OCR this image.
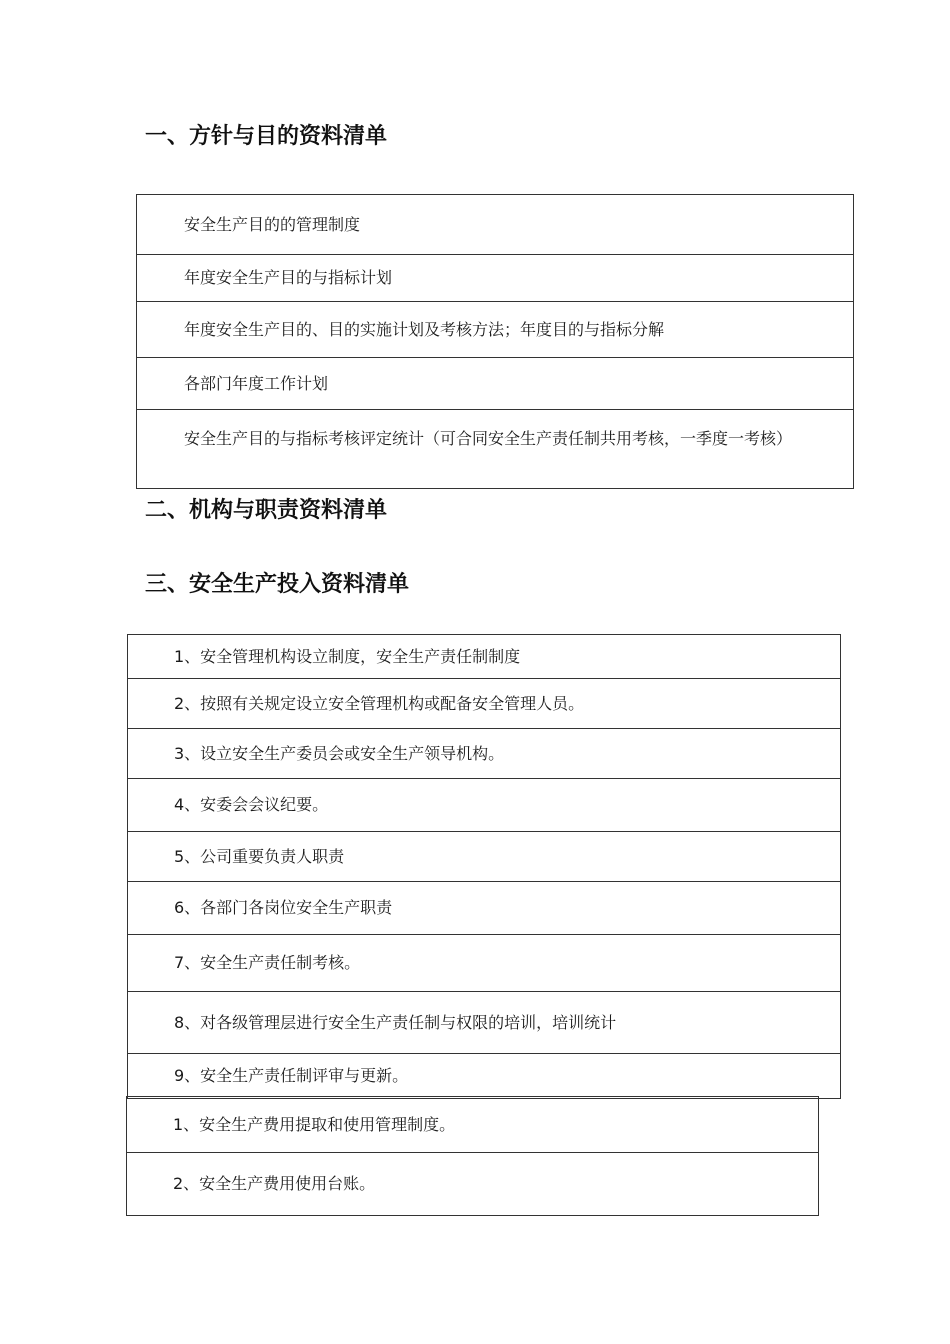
一、方针与目的资料清单
安全生产目的的管理制度
年度安全生产目的与指标计划
年度安全生产目的、目的实施计划及考核方法；年度目的与指标分解
各部门年度工作计划
安全生产目的与指标考核评定统计（可合同安全生产责任制共用考核，一季度一考核）
二、机构与职责资料清单
三、安全生产投入资料清单
1、安全管理机构设立制度，安全生产责任制制度
2、按照有关规定设立安全管理机构或配备安全管理人员。
3、设立安全生产委员会或安全生产领导机构。
4、安委会会议纪要。
5、公司重要负责人职责
6、各部门各岗位安全生产职责
7、安全生产责任制考核。
8、对各级管理层进行安全生产责任制与权限的培训，培训统计
9、安全生产责任制评审与更新。
1、安全生产费用提取和使用管理制度。
2、安全生产费用使用台账。
